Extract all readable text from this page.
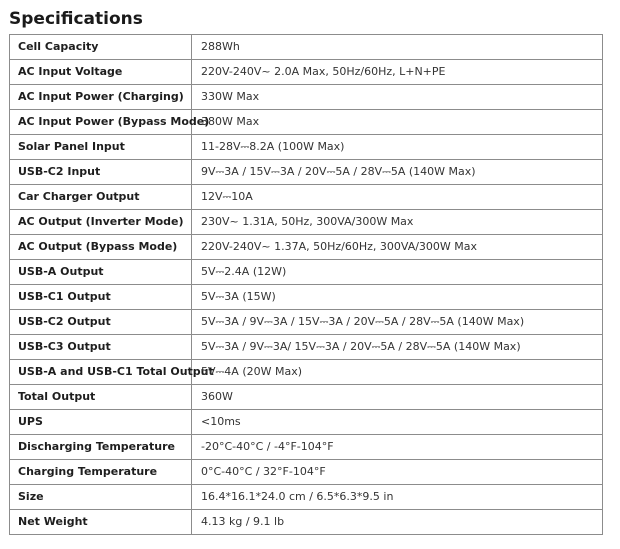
Specifications
Cell Capacity	288Wh
AC Input Voltage	220V-240V~ 2.0A Max, 50Hz/60Hz, L+N+PE
AC Input Power (Charging)	330W Max
AC Input Power (Bypass Mode)	380W Max
Solar Panel Input	11-28V⎓8.2A (100W Max)
USB-C2 Input	9V⎓3A / 15V⎓3A / 20V⎓5A / 28V⎓5A (140W Max)
Car Charger Output	12V⎓10A
AC Output (Inverter Mode)	230V~ 1.31A, 50Hz, 300VA/300W Max
AC Output (Bypass Mode)	220V-240V~ 1.37A, 50Hz/60Hz, 300VA/300W Max
USB-A Output	5V⎓2.4A (12W)
USB-C1 Output	5V⎓3A (15W)
USB-C2 Output	5V⎓3A / 9V⎓3A / 15V⎓3A / 20V⎓5A / 28V⎓5A (140W Max)
USB-C3 Output	5V⎓3A / 9V⎓3A/ 15V⎓3A / 20V⎓5A / 28V⎓5A (140W Max)
USB-A and USB-C1 Total Output	5V⎓4A (20W Max)
Total Output	360W
UPS	<10ms
Discharging Temperature	-20°C-40°C / -4°F-104°F
Charging Temperature	0°C-40°C / 32°F-104°F
Size	16.4*16.1*24.0 cm / 6.5*6.3*9.5 in
Net Weight	4.13 kg / 9.1 lb
